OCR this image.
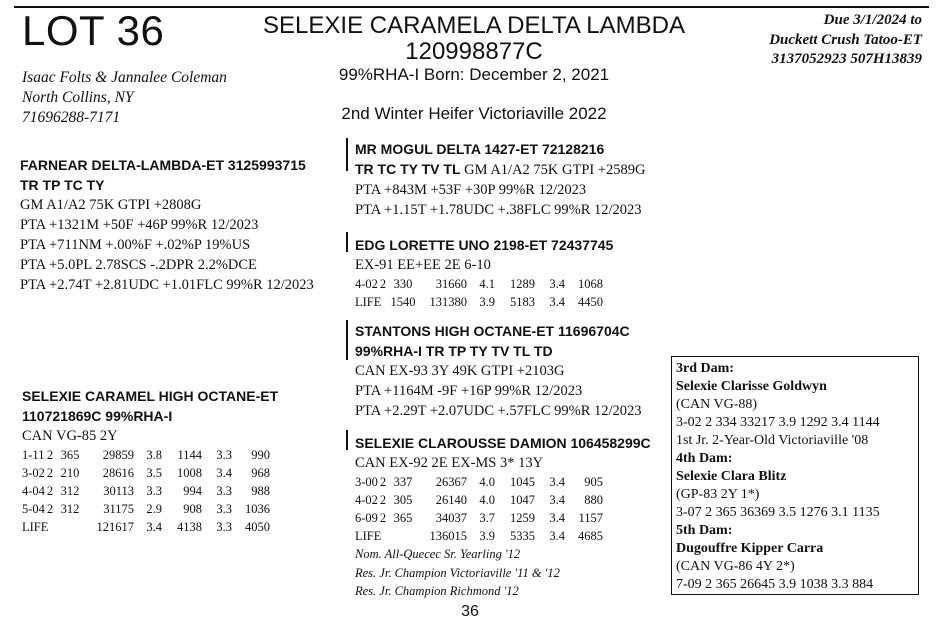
LOT 36	SELEXIE CARAMELA DELTA LAMBDA
120998877C
99%RHA-I Born: December 2, 2021
2nd Winter Heifer Victoriaville 2022
Due 3/1/2024 to
Duckett Crush Tatoo-ET
3137052923 507H13839
Isaac Folts & Jannalee Coleman
North Collins, NY
71696288-7171
FARNEAR DELTA-LAMBDA-ET 3125993715
TR TP TC TY
GM A1/A2 75K GTPI +2808G
PTA +1321M +50F +46P 99%R 12/2023
PTA +711NM +.00%F +.02%P 19%US
PTA +5.0PL 2.78SCS -.2DPR 2.2%DCE
PTA +2.74T +2.81UDC +1.01FLC 99%R 12/2023
MR MOGUL DELTA 1427-ET 72128216
TR TC TY TV TL GM A1/A2 75K GTPI +2589G
PTA +843M +53F +30P 99%R 12/2023
PTA +1.15T +1.78UDC +.38FLC 99%R 12/2023
EDG LORETTE UNO 2198-ET 72437745
EX-91 EE+EE 2E 6-10
4-02 2 330 31660 4.1 1289 3.4 1068
LIFE 1540 131380 3.9 5183 3.4 4450
SELEXIE CARAMEL HIGH OCTANE-ET
110721869C 99%RHA-I
CAN VG-85 2Y
1-11 2 365 29859 3.8 1144 3.3 990
3-02 2 210 28616 3.5 1008 3.4 968
4-04 2 312 30113 3.3 994 3.3 988
5-04 2 312 31175 2.9 908 3.3 1036
LIFE	121617 3.4 4138 3.3 4050
STANTONS HIGH OCTANE-ET 11696704C
99%RHA-I TR TP TY TV TL TD
CAN EX-93 3Y 49K GTPI +2103G
PTA +1164M -9F +16P 99%R 12/2023
PTA +2.29T +2.07UDC +.57FLC 99%R 12/2023
SELEXIE CLAROUSSE DAMION 106458299C
CAN EX-92 2E EX-MS 3* 13Y
3-00 2 337 26367 4.0 1045 3.4 905
4-02 2 305 26140 4.0 1047 3.4 880
6-09 2 365 34037 3.7 1259 3.4 1157
LIFE	136015 3.9 5335 3.4 4685
Nom. All-Quecec Sr. Yearling '12
Res. Jr. Champion Victoriaville '11 & '12
Res. Jr. Champion Richmond '12
3rd Dam:
Selexie Clarisse Goldwyn
(CAN VG-88)
3-02 2 334 33217 3.9 1292 3.4 1144
1st Jr. 2-Year-Old Victoriaville '08
4th Dam:
Selexie Clara Blitz
(GP-83 2Y 1*)
3-07 2 365 36369 3.5 1276 3.1 1135
5th Dam:
Dugouffre Kipper Carra
(CAN VG-86 4Y 2*)
7-09 2 365 26645 3.9 1038 3.3 884
36
